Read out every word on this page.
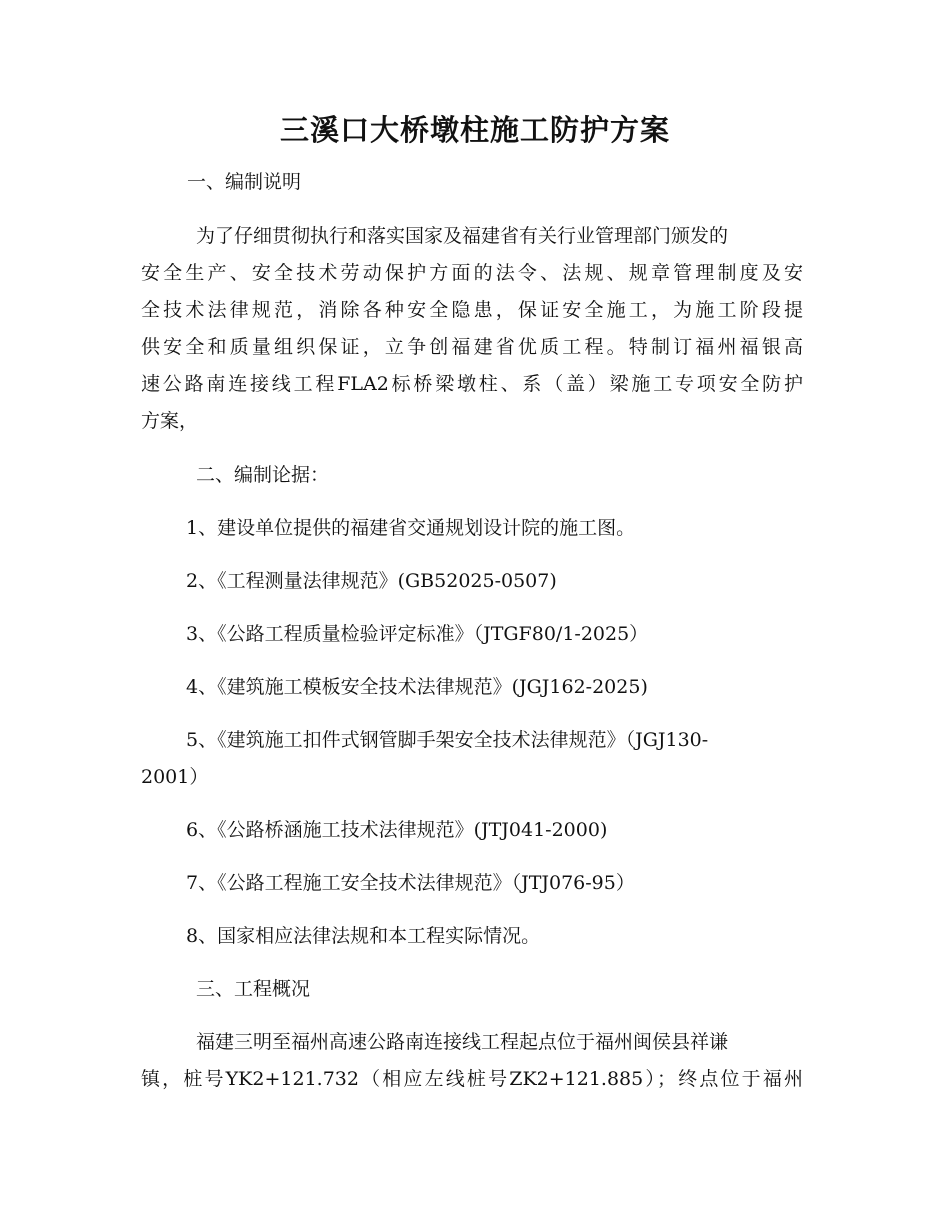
三溪口大桥墩柱施工防护方案
一、编制说明
为了仔细贯彻执行和落实国家及福建省有关行业管理部门颁发的
安全生产、安全技术劳动保护方面的法令、法规、规章管理制度及安
全技术法律规范，消除各种安全隐患，保证安全施工，为施工阶段提
供安全和质量组织保证，立争创福建省优质工程。特制订福州福银高
速公路南连接线工程FLA2标桥梁墩柱、系（盖）梁施工专项安全防护
方案，
二、编制论据：
1、建设单位提供的福建省交通规划设计院的施工图。
2、《工程测量法律规范》(GB52025-0507)
3、《公路工程质量检验评定标准》（JTGF80/1-2025）
4、《建筑施工模板安全技术法律规范》(JGJ162-2025)
5、《建筑施工扣件式钢管脚手架安全技术法律规范》（JGJ130-
2001）
6、《公路桥涵施工技术法律规范》(JTJ041-2000)
7、《公路工程施工安全技术法律规范》（JTJ076-95）
8、国家相应法律法规和本工程实际情况。
三、工程概况
福建三明至福州高速公路南连接线工程起点位于福州闽侯县祥谦
镇，桩号YK2+121.732（相应左线桩号ZK2+121.885）；终点位于福州
